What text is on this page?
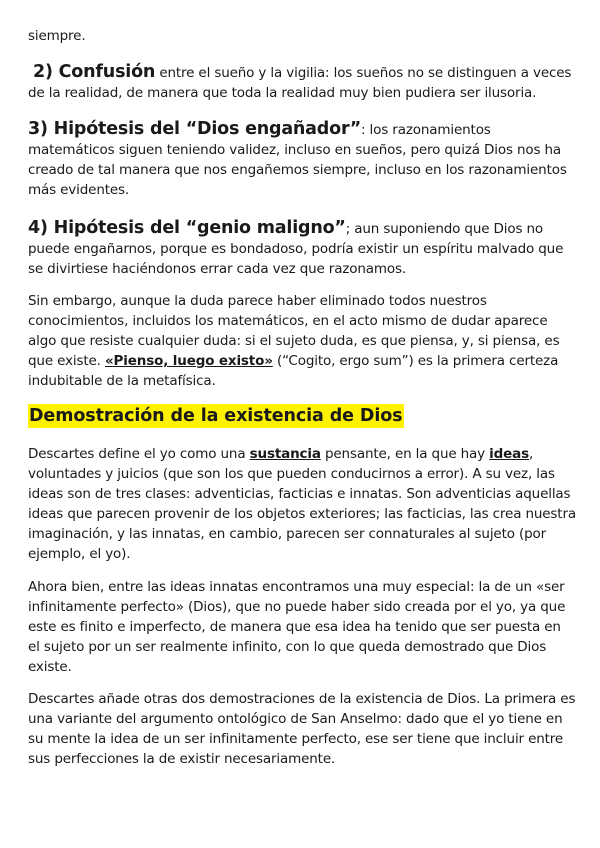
siempre.

2) Confusión entre el sueño y la vigilia: los sueños no se distinguen a veces de la realidad, de manera que toda la realidad muy bien pudiera ser ilusoria.

3) Hipótesis del “Dios engañador”: los razonamientos matemáticos siguen teniendo validez, incluso en sueños, pero quizá Dios nos ha creado de tal manera que nos engañemos siempre, incluso en los razonamientos más evidentes.

4) Hipótesis del “genio maligno”; aun suponiendo que Dios no puede engañarnos, porque es bondadoso, podría existir un espíritu malvado que se divirtiese haciéndonos errar cada vez que razonamos.

Sin embargo, aunque la duda parece haber eliminado todos nuestros conocimientos, incluidos los matemáticos, en el acto mismo de dudar aparece algo que resiste cualquier duda: si el sujeto duda, es que piensa, y, si piensa, es que existe. «Pienso, luego existo» (“Cogito, ergo sum”) es la primera certeza indubitable de la metafísica.

Demostración de la existencia de Dios

Descartes define el yo como una sustancia pensante, en la que hay ideas, voluntades y juicios (que son los que pueden conducirnos a error). A su vez, las ideas son de tres clases: adventicias, facticias e innatas. Son adventicias aquellas ideas que parecen provenir de los objetos exteriores; las facticias, las crea nuestra imaginación, y las innatas, en cambio, parecen ser connaturales al sujeto (por ejemplo, el yo).

Ahora bien, entre las ideas innatas encontramos una muy especial: la de un «ser infinitamente perfecto» (Dios), que no puede haber sido creada por el yo, ya que este es finito e imperfecto, de manera que esa idea ha tenido que ser puesta en el sujeto por un ser realmente infinito, con lo que queda demostrado que Dios existe.

Descartes añade otras dos demostraciones de la existencia de Dios. La primera es una variante del argumento ontológico de San Anselmo: dado que el yo tiene en su mente la idea de un ser infinitamente perfecto, ese ser tiene que incluir entre sus perfecciones la de existir necesariamente.
